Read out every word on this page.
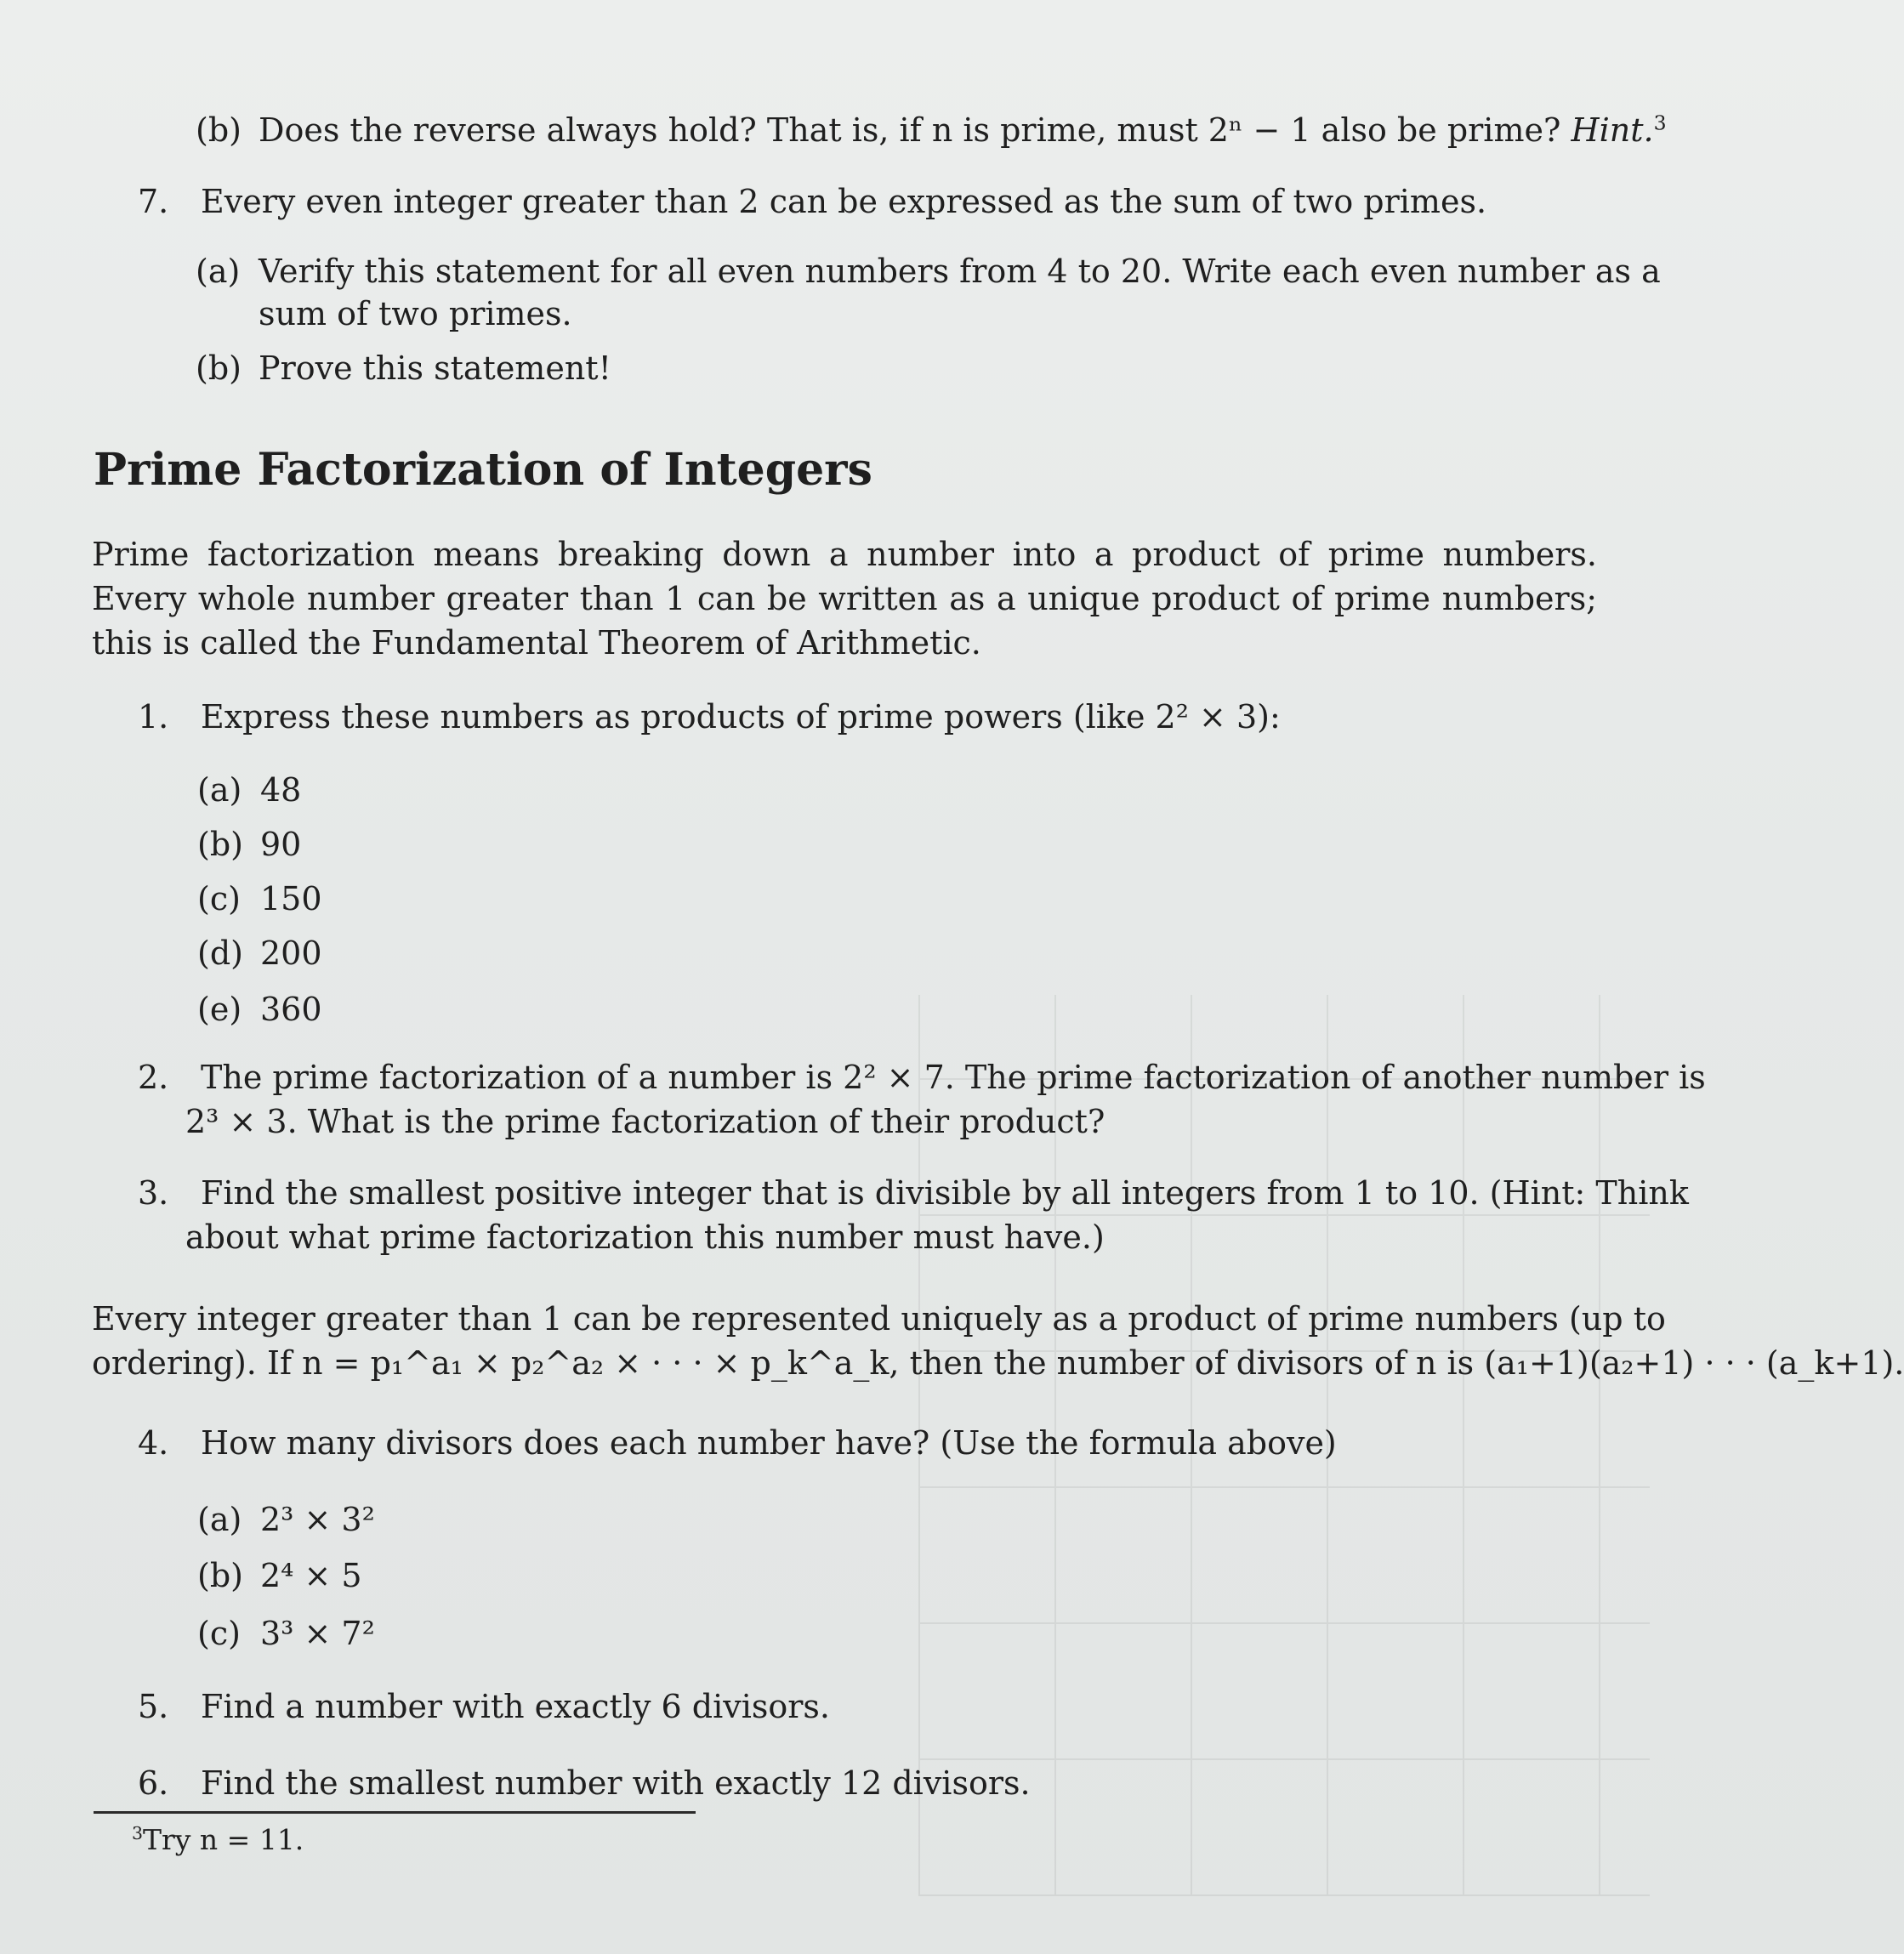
(b) Does the reverse always hold? That is, if n is prime, must 2ⁿ − 1 also be prime? Hint.$^3$
7. Every even integer greater than 2 can be expressed as the sum of two primes.
(a) Verify this statement for all even numbers from 4 to 20. Write each even number as a
sum of two primes.
(b) Prove this statement!
Prime Factorization of Integers
Prime factorization means breaking down a number into a product of prime numbers. Every whole number greater than 1 can be written as a unique product of prime numbers; this is called the Fundamental Theorem of Arithmetic.
1. Express these numbers as products of prime powers (like 2² × 3):
(a) 48
(b) 90
(c) 150
(d) 200
(e) 360
2. The prime factorization of a number is 2² × 7. The prime factorization of another number is
2³ × 3. What is the prime factorization of their product?
3. Find the smallest positive integer that is divisible by all integers from 1 to 10. (Hint: Think
about what prime factorization this number must have.)
Every integer greater than 1 can be represented uniquely as a product of prime numbers (up to
ordering). If n = p₁^a₁ × p₂^a₂ × · · · × p_k^a_k, then the number of divisors of n is (a₁+1)(a₂+1) · · · (a_k+1).
4. How many divisors does each number have? (Use the formula above)
(a) 2³ × 3²
(b) 2⁴ × 5
(c) 3³ × 7²
5. Find a number with exactly 6 divisors.
6. Find the smallest number with exactly 12 divisors.
$^3$Try n = 11.
